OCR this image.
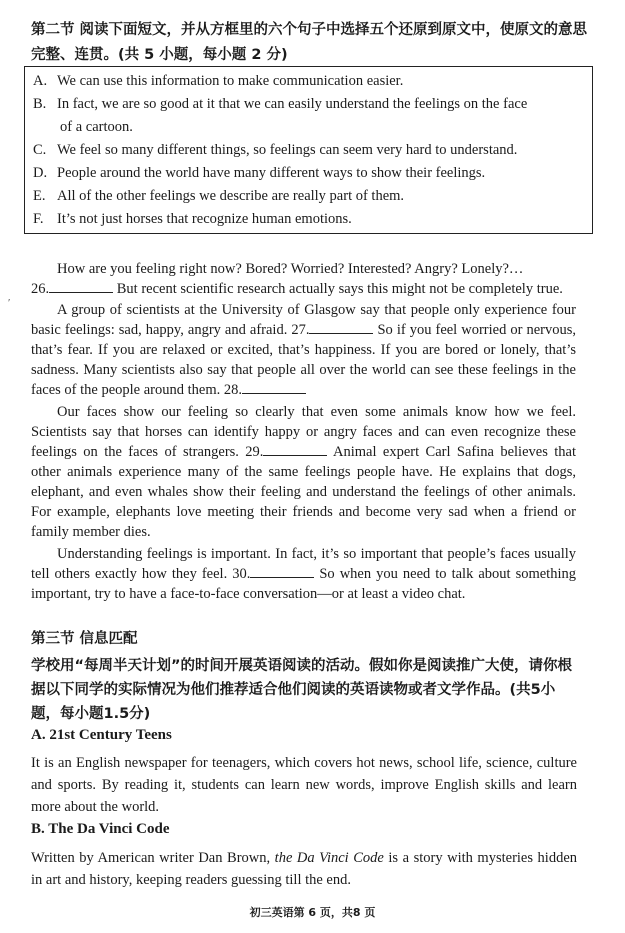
第二节 阅读下面短文，并从方框里的六个句子中选择五个还原到原文中，使原文的意思完整、连贯。(共 5 小题，每小题 2 分)
A. We can use this information to make communication easier.
B. In fact, we are so good at it that we can easily understand the feelings on the face
of a cartoon.
C. We feel so many different things, so feelings can seem very hard to understand.
D. People around the world have many different ways to show their feelings.
E. All of the other feelings we describe are really part of them.
F. It’s not just horses that recognize human emotions.

How are you feeling right now? Bored? Worried? Interested? Angry? Lonely?…

26.	But recent scientific research actually says this might not be completely true.

A group of scientists at the University of Glasgow say that people only experience four basic feelings: sad, happy, angry and afraid. 27.	So if you feel worried or nervous, that’s fear. If you are relaxed or excited, that’s happiness. If you are bored or lonely, that’s sadness. Many scientists also say that people all over the world can see these feelings in the faces of the people around them. 28.

Our faces show our feeling so clearly that even some animals know how we feel. Scientists say that horses can identify happy or angry faces and can even recognize these feelings on the faces of strangers. 29.	Animal expert Carl Safina believes that other animals experience many of the same feelings people have. He explains that dogs, elephant, and even whales show their feeling and understand the feelings of other animals. For example, elephants love meeting their friends and become very sad when a friend or family member dies.

Understanding feelings is important. In fact, it’s so important that people’s faces usually tell others exactly how they feel. 30.	So when you need to talk about something important, try to have a face-to-face conversation—or at least a video chat.

′
第三节 信息匹配
学校用“每周半天计划”的时间开展英语阅读的活动。假如你是阅读推广大使，请你根据以下同学的实际情况为他们推荐适合他们阅读的英语读物或者文学作品。(共5小题，每小题1.5分)
A. 21st Century Teens
It is an English newspaper for teenagers, which covers hot news, school life, science, culture and sports. By reading it, students can learn new words, improve English skills and learn more about the world.
B. The Da Vinci Code
Written by American writer Dan Brown, the Da Vinci Code is a story with mysteries hidden in art and history, keeping readers guessing till the end.
初三英语第 6 页，共8 页
